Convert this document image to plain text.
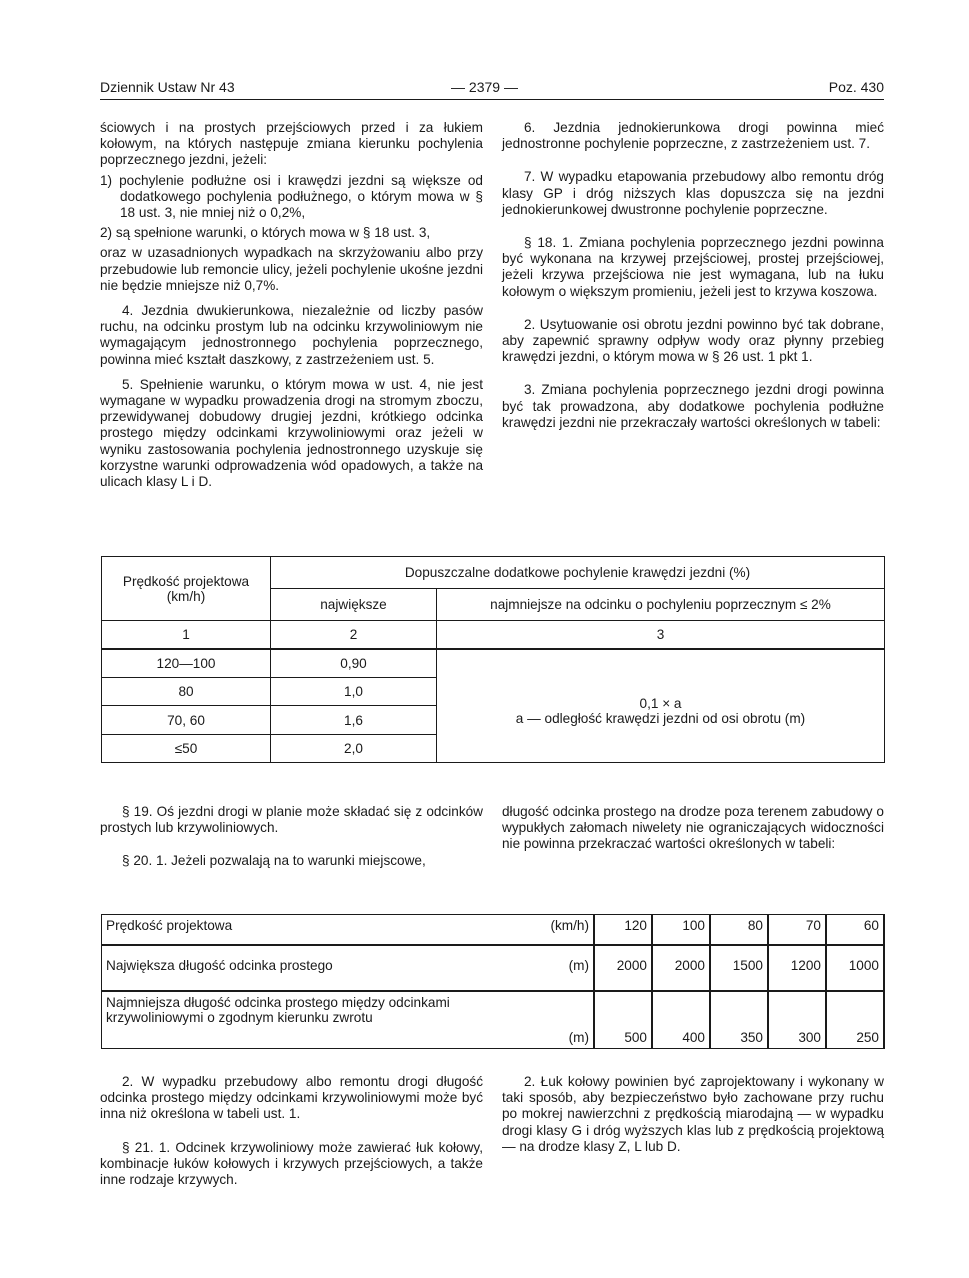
Dziennik Ustaw Nr 43	— 2379 —	Poz. 430

ściowych i na prostych przejściowych przed i za łukiem kołowym, na których następuje zmiana kierunku pochylenia poprzecznego jezdni, jeżeli:

1) pochylenie podłużne osi i krawędzi jezdni są większe od dodatkowego pochylenia podłużnego, o którym mowa w § 18 ust. 3, nie mniej niż o 0,2%,

2) są spełnione warunki, o których mowa w § 18 ust. 3,

oraz w uzasadnionych wypadkach na skrzyżowaniu albo przy przebudowie lub remoncie ulicy, jeżeli pochylenie ukośne jezdni nie będzie mniejsze niż 0,7%.

4. Jezdnia dwukierunkowa, niezależnie od liczby pasów ruchu, na odcinku prostym lub na odcinku krzywoliniowym nie wymagającym jednostronnego pochylenia poprzecznego, powinna mieć kształt daszkowy, z zastrzeżeniem ust. 5.

5. Spełnienie warunku, o którym mowa w ust. 4, nie jest wymagane w wypadku prowadzenia drogi na stromym zboczu, przewidywanej dobudowy drugiej jezdni, krótkiego odcinka prostego między odcinkami krzywoliniowymi oraz jeżeli w wyniku zastosowania pochylenia jednostronnego uzyskuje się korzystne warunki odprowadzenia wód opadowych, a także na ulicach klasy L i D.

6. Jezdnia jednokierunkowa drogi powinna mieć jednostronne pochylenie poprzeczne, z zastrzeżeniem ust. 7.

7. W wypadku etapowania przebudowy albo remontu dróg klasy GP i dróg niższych klas dopuszcza się na jezdni jednokierunkowej dwustronne pochylenie poprzeczne.

§ 18. 1. Zmiana pochylenia poprzecznego jezdni powinna być wykonana na krzywej przejściowej, prostej przejściowej, jeżeli krzywa przejściowa nie jest wymagana, lub na łuku kołowym o większym promieniu, jeżeli jest to krzywa koszowa.

2. Usytuowanie osi obrotu jezdni powinno być tak dobrane, aby zapewnić sprawny odpływ wody oraz płynny przebieg krawędzi jezdni, o którym mowa w § 26 ust. 1 pkt 1.

3. Zmiana pochylenia poprzecznego jezdni drogi powinna być tak prowadzona, aby dodatkowe pochylenia podłużne krawędzi jezdni nie przekraczały wartości określonych w tabeli:

Prędkość projektowa (km/h)	Dopuszczalne dodatkowe pochylenie krawędzi jezdni (%)	
	największe	najmniejsze na odcinku o pochyleniu poprzecznym ≤ 2%
1	2	3
120—100	0,90	0,1 × a
a — odległość krawędzi jezdni od osi obrotu (m)

80	1,0	
70, 60	1,6	
≤50	2,0	

§ 19. Oś jezdni drogi w planie może składać się z odcinków prostych lub krzywoliniowych.

§ 20. 1. Jeżeli pozwalają na to warunki miejscowe,

długość odcinka prostego na drodze poza terenem zabudowy o wypukłych załomach niwelety nie ograniczających widoczności nie powinna przekraczać wartości określonych w tabeli:

Prędkość projektowa	(km/h)	120	100	80	70	60
Największa długość odcinka prostego	(m)	2000	2000	1500	1200	1000
Najmniejsza długość odcinka prostego między odcinkami krzywoliniowymi o zgodnym kierunku zwrotu	(m)	500	400	350	300	250

2. W wypadku przebudowy albo remontu drogi długość odcinka prostego między odcinkami krzywoliniowymi może być inna niż określona w tabeli ust. 1.

§ 21. 1. Odcinek krzywoliniowy może zawierać łuk kołowy, kombinacje łuków kołowych i krzywych przejściowych, a także inne rodzaje krzywych.

2. Łuk kołowy powinien być zaprojektowany i wykonany w taki sposób, aby bezpieczeństwo było zachowane przy ruchu po mokrej nawierzchni z prędkością miarodajną — w wypadku drogi klasy G i dróg wyższych klas lub z prędkością projektową — na drodze klasy Z, L lub D.
